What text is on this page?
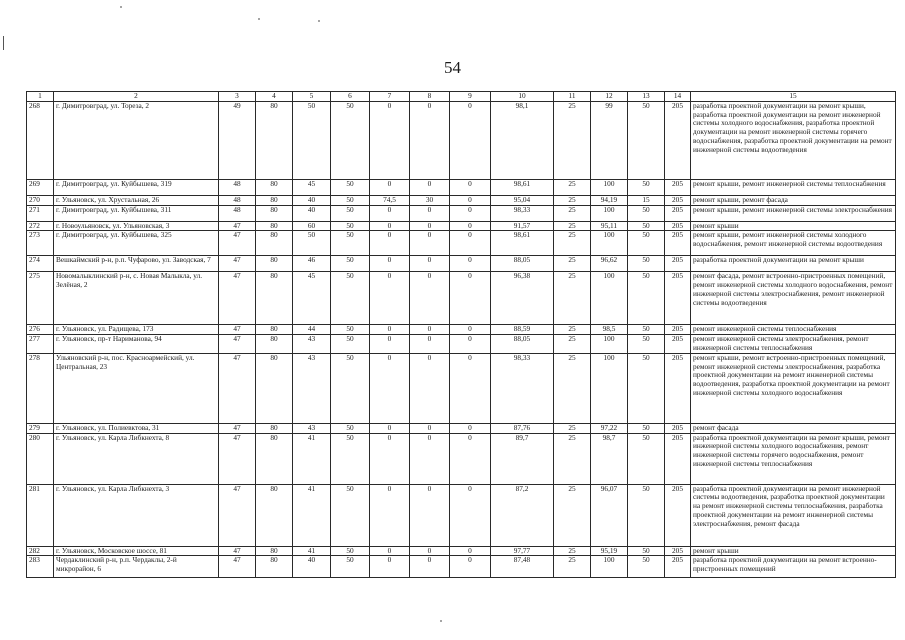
54
1	2	3	4	5	6	7	8	9	10	11	12	13	14	15
268	г. Димитровград, ул. Тореза, 2	49	80	50	50	0	0	0	98,1	25	99	50	205	разработка проектной документации на ремонт крыши, разработка проектной документации на ремонт инженерной системы холодного водоснабжения, разработка проектной документации на ремонт инженерной системы горячего водоснабжения, разработка проектной документации на ремонт инженерной системы водоотведения
269	г. Димитровград, ул. Куйбышева, 319	48	80	45	50	0	0	0	98,61	25	100	50	205	ремонт крыши, ремонт инженерной системы теплоснабжения
270	г. Ульяновск, ул. Хрустальная, 26	48	80	40	50	74,5	30	0	95,04	25	94,19	15	205	ремонт крыши, ремонт фасада
271	г. Димитровград, ул. Куйбышева, 311	48	80	40	50	0	0	0	98,33	25	100	50	205	ремонт крыши, ремонт инженерной системы электроснабжения
272	г. Новоульяновск, ул. Ульяновская, 3	47	80	60	50	0	0	0	91,57	25	95,11	50	205	ремонт крыши
273	г. Димитровград, ул. Куйбышева, 325	47	80	50	50	0	0	0	98,61	25	100	50	205	ремонт крыши, ремонт инженерной системы холодного водоснабжения, ремонт инженерной системы водоотведения
274	Вешкаймский р-н, р.п. Чуфарово, ул. Заводская, 7	47	80	46	50	0	0	0	88,05	25	96,62	50	205	разработка проектной документации на ремонт крыши
275	Новомалыклинский р-н, с. Новая Малыкла, ул. Зелёная, 2	47	80	45	50	0	0	0	96,38	25	100	50	205	ремонт фасада, ремонт встроенно-пристроенных помещений, ремонт инженерной системы холодного водоснабжения, ремонт инженерной системы электроснабжения, ремонт инженерной системы водоотведения
276	г. Ульяновск, ул. Радищева, 173	47	80	44	50	0	0	0	88,59	25	98,5	50	205	ремонт инженерной системы теплоснабжения
277	г. Ульяновск, пр-т Нариманова, 94	47	80	43	50	0	0	0	88,05	25	100	50	205	ремонт инженерной системы электроснабжения, ремонт инженерной системы теплоснабжения
278	Ульяновский р-н, пос. Красноармейский, ул. Центральная, 23	47	80	43	50	0	0	0	98,33	25	100	50	205	ремонт крыши, ремонт встроенно-пристроенных помещений, ремонт инженерной системы электроснабжения, разработка проектной документации на ремонт инженерной системы водоотведения, разработка проектной документации на ремонт инженерной системы холодного водоснабжения
279	г. Ульяновск, ул. Полиевктова, 31	47	80	43	50	0	0	0	87,76	25	97,22	50	205	ремонт фасада
280	г. Ульяновск, ул. Карла Либкнехта, 8	47	80	41	50	0	0	0	89,7	25	98,7	50	205	разработка проектной документации на ремонт крыши, ремонт инженерной системы холодного водоснабжения, ремонт инженерной системы горячего водоснабжения, ремонт инженерной системы теплоснабжения
281	г. Ульяновск, ул. Карла Либкнехта, 3	47	80	41	50	0	0	0	87,2	25	96,07	50	205	разработка проектной документации на ремонт инженерной системы водоотведения, разработка проектной документации на ремонт инженерной системы теплоснабжения, разработка проектной документации на ремонт инженерной системы электроснабжения, ремонт фасада
282	г. Ульяновск, Московское шоссе, 81	47	80	41	50	0	0	0	97,77	25	95,19	50	205	ремонт крыши
283	Чердаклинский р-н, р.п. Чердаклы, 2-й микрорайон, 6	47	80	40	50	0	0	0	87,48	25	100	50	205	разработка проектной документации на ремонт встроенно-пристроенных помещений
